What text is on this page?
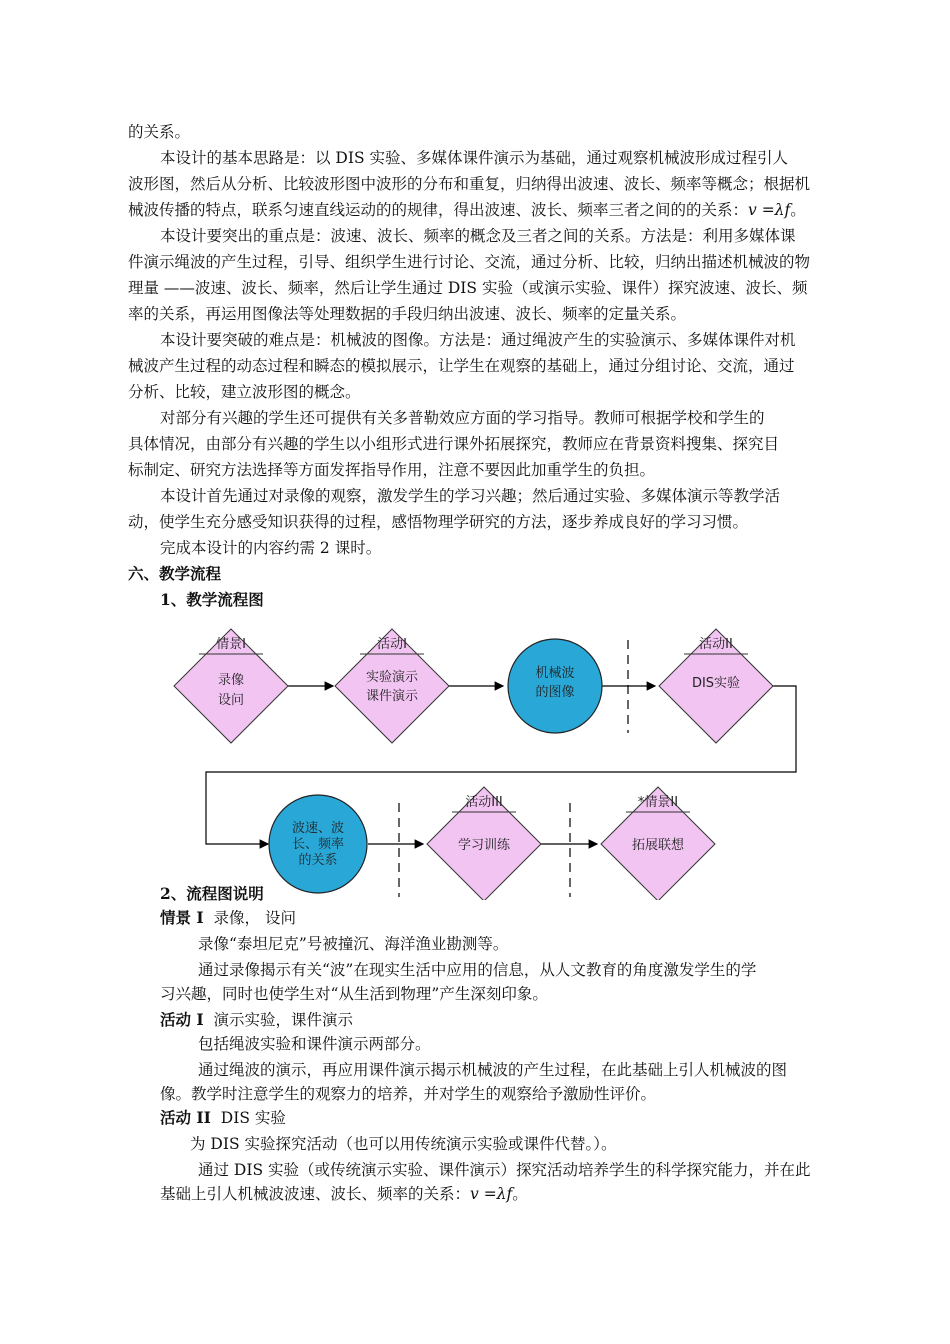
的关系。
本设计的基本思路是：以 DIS 实验、多媒体课件演示为基础，通过观察机械波形成过程引人
波形图，然后从分析、比较波形图中波形的分布和重复，归纳得出波速、波长、频率等概念；根据机
械波传播的特点，联系匀速直线运动的的规律，得出波速、波长、频率三者之间的的关系：v =λf。
本设计要突出的重点是：波速、波长、频率的概念及三者之间的关系。方法是：利用多媒体课
件演示绳波的产生过程，引导、组织学生进行讨论、交流，通过分析、比较，归纳出描述机械波的物
理量 ——波速、波长、频率，然后让学生通过 DIS 实验（或演示实验、课件）探究波速、波长、频
率的关系，再运用图像法等处理数据的手段归纳出波速、波长、频率的定量关系。
本设计要突破的难点是：机械波的图像。方法是：通过绳波产生的实验演示、多媒体课件对机
械波产生过程的动态过程和瞬态的模拟展示，让学生在观察的基础上，通过分组讨论、交流，通过
分析、比较，建立波形图的概念。
对部分有兴趣的学生还可提供有关多普勒效应方面的学习指导。教师可根据学校和学生的
具体情况，由部分有兴趣的学生以小组形式进行课外拓展探究，教师应在背景资料搜集、探究目
标制定、研究方法选择等方面发挥指导作用，注意不要因此加重学生的负担。
本设计首先通过对录像的观察，激发学生的学习兴趣；然后通过实验、多媒体演示等教学活
动，使学生充分感受知识获得的过程，感悟物理学研究的方法，逐步养成良好的学习习惯。
完成本设计的内容约需 2 课时。
六、教学流程
1、教学流程图
情景I
录像
设问
活动I
实验演示
课件演示
机械波
的图像
活动II
DIS实验
波速、波
长、频率
的关系
活动III
学习训练
*情景II
拓展联想
2、流程图说明
情景 I 录像， 设问
录像“泰坦尼克”号被撞沉、海洋渔业勘测等。
通过录像揭示有关“波”在现实生活中应用的信息，从人文教育的角度激发学生的学
习兴趣，同时也使学生对“从生活到物理”产生深刻印象。
活动 I 演示实验，课件演示
包括绳波实验和课件演示两部分。
通过绳波的演示，再应用课件演示揭示机械波的产生过程，在此基础上引人机械波的图
像。教学时注意学生的观察力的培养，并对学生的观察给予激励性评价。
活动 II DIS 实验
为 DIS 实验探究活动（也可以用传统演示实验或课件代替。）。
通过 DIS 实验（或传统演示实验、课件演示）探究活动培养学生的科学探究能力，并在此
基础上引人机械波波速、波长、频率的关系：v =λf。
